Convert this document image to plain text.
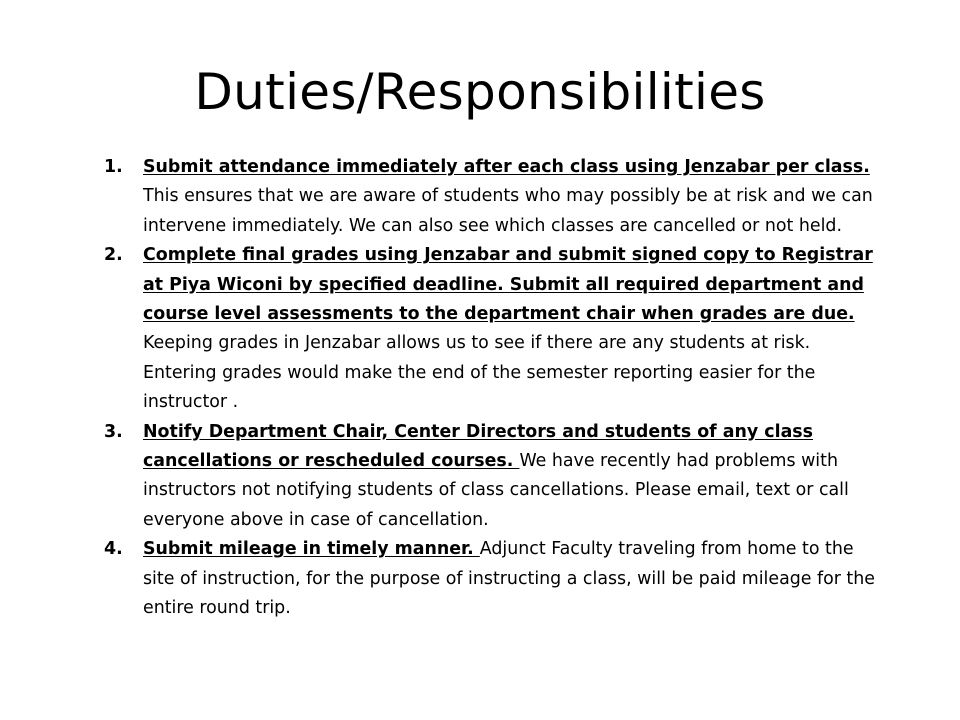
Duties/Responsibilities
1. Submit attendance immediately after each class using Jenzabar per class. This ensures that we are aware of students who may possibly be at risk and we can intervene immediately. We can also see which classes are cancelled or not held.
2. Complete final grades using Jenzabar and submit signed copy to Registrar at Piya Wiconi by specified deadline. Submit all required department and course level assessments to the department chair when grades are due. Keeping grades in Jenzabar allows us to see if there are any students at risk. Entering grades would make the end of the semester reporting easier for the instructor .
3. Notify Department Chair, Center Directors and students of any class cancellations or rescheduled courses. We have recently had problems with instructors not notifying students of class cancellations. Please email, text or call everyone above in case of cancellation.
4. Submit mileage in timely manner. Adjunct Faculty traveling from home to the site of instruction, for the purpose of instructing a class, will be paid mileage for the entire round trip.
